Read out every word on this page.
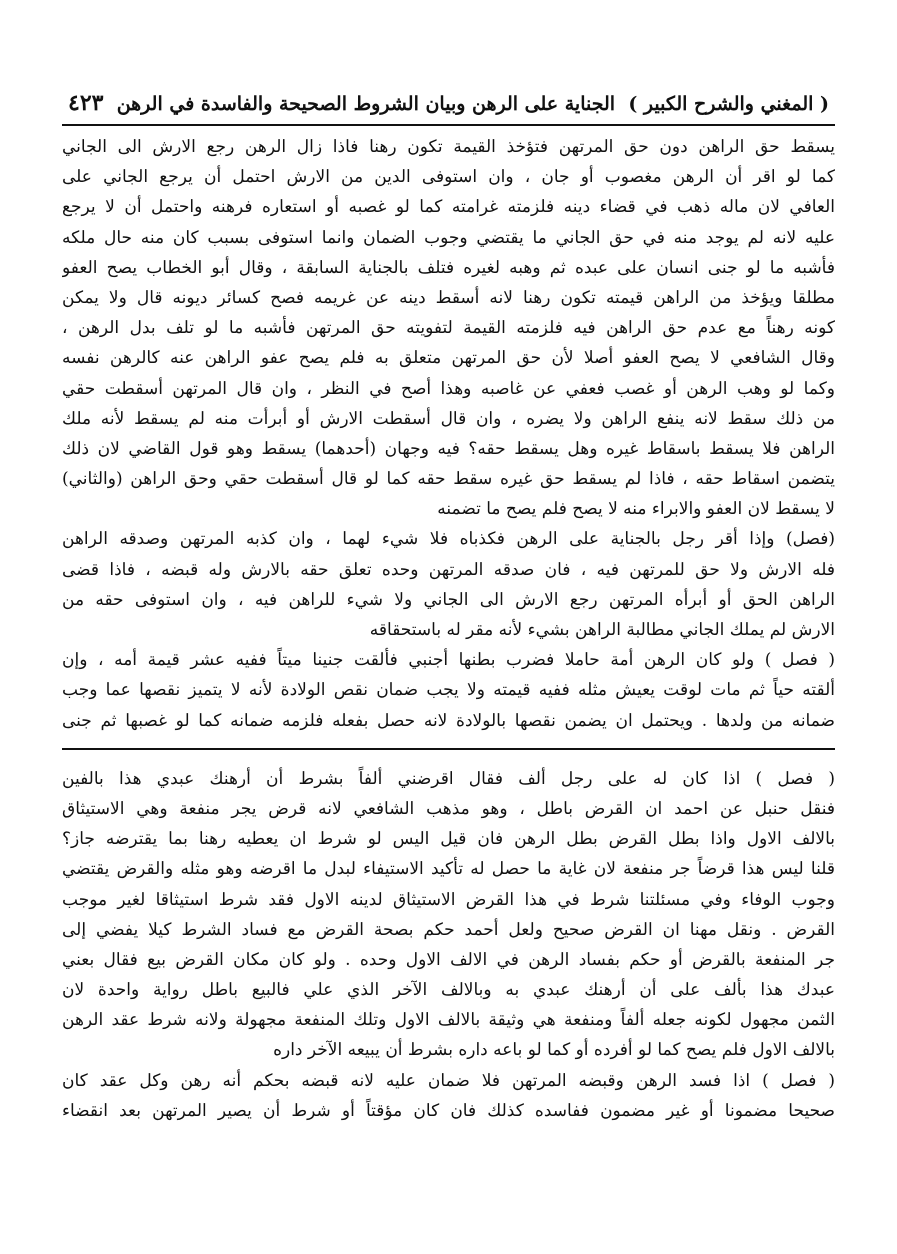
( المغني والشرح الكبير )
الجناية على الرهن وبيان الشروط الصحيحة والفاسدة في الرهن
٤٢٣
يسقط حق الراهن دون حق المرتهن فتؤخذ القيمة تكون رهنا فاذا زال الرهن رجع الارش الى الجاني
كما لو اقر أن الرهن مغصوب أو جان ، وان استوفى الدين من الارش احتمل أن يرجع الجاني على
العافي لان ماله ذهب في قضاء دينه فلزمته غرامته كما لو غصبه أو استعاره فرهنه واحتمل أن لا يرجع
عليه لانه لم يوجد منه في حق الجاني ما يقتضي وجوب الضمان وانما استوفى بسبب كان منه حال ملكه
فأشبه ما لو جنى انسان على عبده ثم وهبه لغيره فتلف بالجناية السابقة ، وقال أبو الخطاب يصح العفو
مطلقا ويؤخذ من الراهن قيمته تكون رهنا لانه أسقط دينه عن غريمه فصح كسائر ديونه قال ولا يمكن
كونه رهناً مع عدم حق الراهن فيه فلزمته القيمة لتفويته حق المرتهن فأشبه ما لو تلف بدل الرهن ،
وقال الشافعي لا يصح العفو أصلا لأن حق المرتهن متعلق به فلم يصح عفو الراهن عنه كالرهن نفسه
وكما لو وهب الرهن أو غصب فعفي عن غاصبه وهذا أصح في النظر ، وان قال المرتهن أسقطت حقي
من ذلك سقط لانه ينفع الراهن ولا يضره ، وان قال أسقطت الارش أو أبرأت منه لم يسقط لأنه ملك
الراهن فلا يسقط باسقاط غيره وهل يسقط حقه؟ فيه وجهان (أحدهما) يسقط وهو قول القاضي لان ذلك
يتضمن اسقاط حقه ، فاذا لم يسقط حق غيره سقط حقه كما لو قال أسقطت حقي وحق الراهن (والثاني)
لا يسقط لان العفو والابراء منه لا يصح فلم يصح ما تضمنه
(فصل) وإذا أقر رجل بالجناية على الرهن فكذباه فلا شيء لهما ، وان كذبه المرتهن وصدقه الراهن
فله الارش ولا حق للمرتهن فيه ، فان صدقه المرتهن وحده تعلق حقه بالارش وله قبضه ، فاذا قضى
الراهن الحق أو أبرأه المرتهن رجع الارش الى الجاني ولا شيء للراهن فيه ، وان استوفى حقه من
الارش لم يملك الجاني مطالبة الراهن بشيء لأنه مقر له باستحقاقه
( فصل ) ولو كان الرهن أمة حاملا فضرب بطنها أجنبي فألقت جنينا ميتاً ففيه عشر قيمة أمه ، وإن
ألقته حياً ثم مات لوقت يعيش مثله ففيه قيمته ولا يجب ضمان نقص الولادة لأنه لا يتميز نقصها عما وجب
ضمانه من ولدها . ويحتمل ان يضمن نقصها بالولادة لانه حصل بفعله فلزمه ضمانه كما لو غصبها ثم جنى
( فصل ) اذا كان له على رجل ألف فقال اقرضني ألفاً بشرط أن أرهنك عبدي هذا بالفين
فنقل حنبل عن احمد ان القرض باطل ، وهو مذهب الشافعي لانه قرض يجر منفعة وهي الاستيثاق
بالالف الاول واذا بطل القرض بطل الرهن فان قيل اليس لو شرط ان يعطيه رهنا بما يقترضه جاز؟
قلنا ليس هذا قرضاً جر منفعة لان غاية ما حصل له تأكيد الاستيفاء لبدل ما اقرضه وهو مثله والقرض يقتضي
وجوب الوفاء وفي مسئلتنا شرط في هذا القرض الاستيثاق لدينه الاول فقد شرط استيثاقا لغير موجب
القرض . ونقل مهنا ان القرض صحيح ولعل أحمد حكم بصحة القرض مع فساد الشرط كيلا يفضي إلى
جر المنفعة بالقرض أو حكم بفساد الرهن في الالف الاول وحده . ولو كان مكان القرض بيع فقال بعني
عبدك هذا بألف على أن أرهنك عبدي به وبالالف الآخر الذي علي فالبيع باطل رواية واحدة لان
الثمن مجهول لكونه جعله ألفاً ومنفعة هي وثيقة بالالف الاول وتلك المنفعة مجهولة ولانه شرط عقد الرهن
بالالف الاول فلم يصح كما لو أفرده أو كما لو باعه داره بشرط أن يبيعه الآخر داره
( فصل ) اذا فسد الرهن وقبضه المرتهن فلا ضمان عليه لانه قبضه بحكم أنه رهن وكل عقد كان
صحيحا مضمونا أو غير مضمون ففاسده كذلك فان كان مؤقتاً أو شرط أن يصير المرتهن بعد انقضاء
